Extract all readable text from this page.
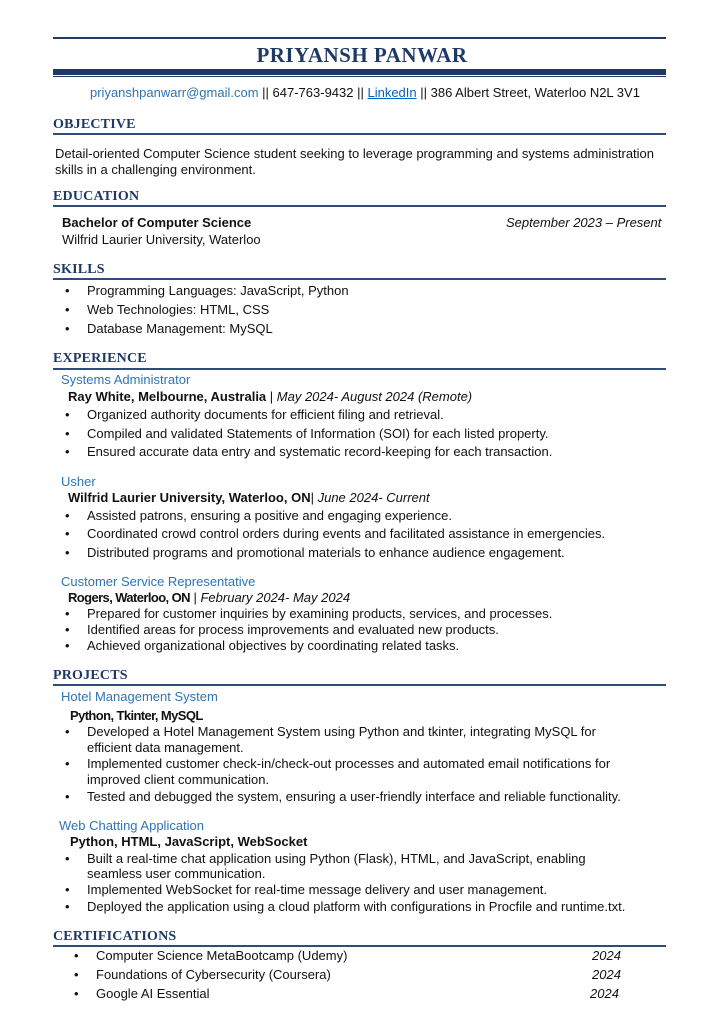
PRIYANSH PANWAR
priyanshpanwarr@gmail.com || 647-763-9432 || LinkedIn || 386 Albert Street, Waterloo N2L 3V1
OBJECTIVE
Detail-oriented Computer Science student seeking to leverage programming and systems administration
skills in a challenging environment.
EDUCATION
Bachelor of Computer Science	September 2023 – Present
Wilfrid Laurier University, Waterloo
SKILLS
• Programming Languages: JavaScript, Python
• Web Technologies: HTML, CSS
• Database Management: MySQL
EXPERIENCE
Systems Administrator
Ray White, Melbourne, Australia | May 2024- August 2024 (Remote)
• Organized authority documents for efficient filing and retrieval.
• Compiled and validated Statements of Information (SOI) for each listed property.
• Ensured accurate data entry and systematic record-keeping for each transaction.
Usher
Wilfrid Laurier University, Waterloo, ON| June 2024- Current
• Assisted patrons, ensuring a positive and engaging experience.
• Coordinated crowd control orders during events and facilitated assistance in emergencies.
• Distributed programs and promotional materials to enhance audience engagement.
Customer Service Representative
Rogers, Waterloo, ON | February 2024- May 2024
• Prepared for customer inquiries by examining products, services, and processes.
• Identified areas for process improvements and evaluated new products.
• Achieved organizational objectives by coordinating related tasks.
PROJECTS
Hotel Management System
Python, Tkinter, MySQL
• Developed a Hotel Management System using Python and tkinter, integrating MySQL for
efficient data management.
• Implemented customer check-in/check-out processes and automated email notifications for
improved client communication.
• Tested and debugged the system, ensuring a user-friendly interface and reliable functionality.
Web Chatting Application
Python, HTML, JavaScript, WebSocket
• Built a real-time chat application using Python (Flask), HTML, and JavaScript, enabling
seamless user communication.
• Implemented WebSocket for real-time message delivery and user management.
• Deployed the application using a cloud platform with configurations in Procfile and runtime.txt.
CERTIFICATIONS
• Computer Science MetaBootcamp (Udemy)	2024
• Foundations of Cybersecurity (Coursera)	2024
• Google AI Essential	2024
